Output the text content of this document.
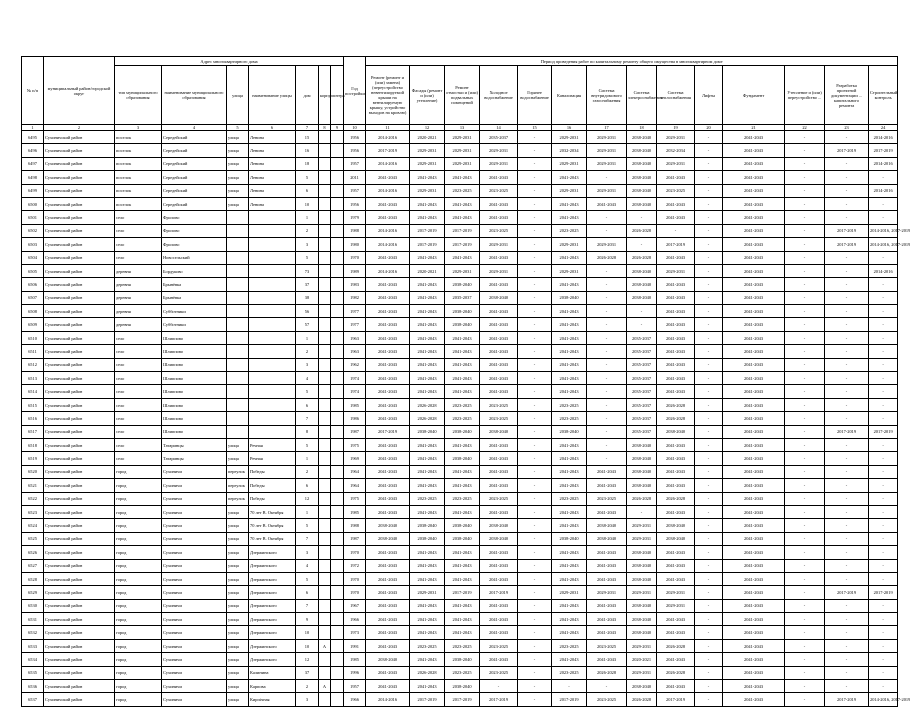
№ п/п	муниципальный район/городской округ	Адрес многоквартирного дома							Год постройки	Период проведения работ по капитальному ремонту общего имущества в многоквартирном доме													
		тип муниципального образования	наименование муниципального образования	улица	наименование улицы	дом	корпус	литера		Ремонт (ремонт и (или) замена) (переустройство невентилируемой крыши на вентилируемую крышу, устройство выходов на кровлю)	Фасады (ремонт и (или) утепление)	Ремонт отмостки и (или) подвальных помещений	Холодное водоснабжение	Горячее водоснабжение	Канализация	Система внутридомового газоснабжения	Система электроснабжения	Система теплоснабжения	Лифты	Фундамент	Утепление и (или) переустройство ...	Разработка проектной документации ... капитального ремонта	Строительный контроль
1	2	3	4	5	6	7	8	9	10	11	12	13	14	15	16	17	18	19	20	21	22	23	24
6495	Сухиничский район	поселок	Середейский	улица	Ленина	15			1956	2014-2016	2020-2021	2029-2031	2035-2037	-	2029-2031	2029-2031	2038-2040	2029-2031	-	2041-2043	-	-	2014-2016
6496	Сухиничский район	поселок	Середейский	улица	Ленина	16			1956	2017-2019	2029-2031	2029-2031	2029-2031	-	2032-2034	2029-2031	2038-2040	2032-2034	-	2041-2043	-	2017-2019	2017-2019
6497	Сухиничский район	поселок	Середейский	улица	Ленина	18			1957	2014-2016	2029-2031	2029-2031	2029-2031	-	2029-2031	2029-2031	2038-2040	2029-2031	-	2041-2043	-	-	2014-2016
6498	Сухиничский район	поселок	Середейский	улица	Ленина	5			2011	2041-2043	2041-2043	2041-2043	2041-2043	-	2041-2043	-	2038-2040	2041-2043	-	2041-2043	-	-	-
6499	Сухиничский район	поселок	Середейский	улица	Ленина	6			1957	2014-2016	2029-2031	2023-2025	2023-2025	-	2029-2031	2029-2031	2038-2040	2023-2025	-	2041-2043	-	-	2014-2016
6500	Сухиничский район	поселок	Середейский	улица	Ленина	10			1956	2041-2043	2041-2043	2041-2043	2041-2043	-	2041-2043	2041-2043	2038-2040	2041-2043	-	2041-2043	-	-	-
6501	Сухиничский район	село	Фролово			1			1979	2041-2043	2041-2043	2041-2043	2041-2043	-	2041-2043	-	-	2041-2043	-	2041-2043	-	-	-
6502	Сухиничский район	село	Фролово			2			1988	2014-2016	2017-2019	2017-2019	2023-2025	-	2023-2025	-	2026-2028	-	-	2041-2043	-	2017-2019	2014-2016, 2017-2019
6503	Сухиничский район	село	Фролово			3			1980	2014-2016	2017-2019	2017-2019	2029-2031	-	2029-2031	2029-2031	-	2017-2019	-	2041-2043	-	2017-2019	2014-2016, 2017-2019
6504	Сухиничский район	село	Новосельский			5			1970	2041-2043	2041-2043	2041-2043	2041-2043	-	2041-2043	2026-2028	2026-2028	2041-2043	-	2041-2043	-	-	-
6505	Сухиничский район	деревня	Бордуково			73			1989	2014-2016	2020-2021	2029-2031	2029-2031	-	2029-2031	-	2038-2040	2029-2031	-	2041-2043	-	-	2014-2016
6506	Сухиничский район	деревня	Брынёвка			37			1983	2041-2043	2041-2043	2038-2040	2041-2043	-	2041-2043	-	2038-2040	2041-2043	-	2041-2043	-	-	-
6507	Сухиничский район	деревня	Брынёвка			38			1982	2041-2043	2041-2043	2035-2037	2038-2040	-	2038-2040	-	2038-2040	2041-2043	-	2041-2043	-	-	-
6508	Сухиничский район	деревня	Субботники			56			1977	2041-2043	2041-2043	2038-2040	2041-2043	-	2041-2043	-	-	2041-2043	-	2041-2043	-	-	-
6509	Сухиничский район	деревня	Субботники			57			1977	2041-2043	2041-2043	2038-2040	2041-2043	-	2041-2043	-	-	2041-2043	-	2041-2043	-	-	-
6510	Сухиничский район	село	Шлиппово			1			1963	2041-2043	2041-2043	2041-2043	2041-2043	-	2041-2043	-	2035-2037	2041-2043	-	2041-2043	-	-	-
6511	Сухиничский район	село	Шлиппово			2			1963	2041-2043	2041-2043	2041-2043	2041-2043	-	2041-2043	-	2035-2037	2041-2043	-	2041-2043	-	-	-
6512	Сухиничский район	село	Шлиппово			3			1962	2041-2043	2041-2043	2041-2043	2041-2043	-	2041-2043	-	2035-2037	2041-2043	-	2041-2043	-	-	-
6513	Сухиничский район	село	Шлиппово			4			1974	2041-2043	2041-2043	2041-2043	2041-2043	-	2041-2043	-	2035-2037	2041-2043	-	2041-2043	-	-	-
6514	Сухиничский район	село	Шлиппово			5			1974	2041-2043	2041-2043	2041-2043	2041-2043	-	2041-2043	-	2035-2037	2041-2043	-	2041-2043	-	-	-
6515	Сухиничский район	село	Шлиппово			6			1985	2041-2043	2026-2028	2023-2025	2023-2025	-	2023-2025	-	2035-2037	2026-2028	-	2041-2043	-	-	-
6516	Сухиничский район	село	Шлиппово			7			1986	2041-2043	2026-2028	2023-2025	2023-2025	-	2023-2025	-	2035-2037	2026-2028	-	2041-2043	-	-	-
6517	Сухиничский район	село	Шлиппово			8			1987	2017-2019	2038-2040	2038-2040	2038-2040	-	2038-2040	-	2035-2037	2038-2040	-	2041-2043	-	2017-2019	2017-2019
6518	Сухиничский район	село	Татаринцы	улица	Речная	5			1975	2041-2043	2041-2043	2041-2043	2041-2043	-	2041-2043	-	2038-2040	2041-2043	-	2041-2043	-	-	-
6519	Сухиничский район	село	Татаринцы	улица	Речная	1			1969	2041-2043	2041-2043	2038-2040	2041-2043	-	2041-2043	-	2038-2040	2041-2043	-	2041-2043	-	-	-
6520	Сухиничский район	город	Сухиничи	переулок	Победы	2			1964	2041-2043	2041-2043	2041-2043	2041-2043	-	2041-2043	2041-2043	2038-2040	2041-2043	-	2041-2043	-	-	-
6521	Сухиничский район	город	Сухиничи	переулок	Победы	6			1964	2041-2043	2041-2043	2041-2043	2041-2043	-	2041-2043	2041-2043	2038-2040	2041-2043	-	2041-2043	-	-	-
6522	Сухиничский район	город	Сухиничи	переулок	Победы	12			1975	2041-2043	2023-2025	2023-2025	2023-2025	-	2023-2025	2023-2025	2026-2028	2026-2028	-	2041-2043	-	-	-
6523	Сухиничский район	город	Сухиничи	улица	70 лет В. Октября	1			1985	2041-2043	2041-2043	2041-2043	2041-2043	-	2041-2043	2041-2043	-	2041-2043	-	2041-2043	-	-	-
6524	Сухиничский район	город	Сухиничи	улица	70 лет В. Октября	5			1988	2038-2040	2038-2040	2038-2040	2038-2040	-	2041-2043	2038-2040	2029-2031	2038-2040	-	2041-2043	-	-	-
6525	Сухиничский район	город	Сухиничи	улица	70 лет В. Октября	7			1987	2038-2040	2038-2040	2038-2040	2038-2040	-	2038-2040	2038-2040	2029-2031	2038-2040	-	2041-2043	-	-	-
6526	Сухиничский район	город	Сухиничи	улица	Дзержинского	3			1970	2041-2043	2041-2043	2041-2043	2041-2043	-	2041-2043	2041-2043	2038-2040	2041-2043	-	2041-2043	-	-	-
6527	Сухиничский район	город	Сухиничи	улица	Дзержинского	4			1972	2041-2043	2041-2043	2041-2043	2041-2043	-	2041-2043	2041-2043	2038-2040	2041-2043	-	2041-2043	-	-	-
6528	Сухиничский район	город	Сухиничи	улица	Дзержинского	5			1970	2041-2043	2041-2043	2041-2043	2041-2043	-	2041-2043	2041-2043	2038-2040	2041-2043	-	2041-2043	-	-	-
6529	Сухиничский район	город	Сухиничи	улица	Дзержинского	6			1970	2041-2043	2029-2031	2017-2019	2017-2019	-	2029-2031	2029-2031	2029-2031	2029-2031	-	2041-2043	-	2017-2019	2017-2019
6530	Сухиничский район	город	Сухиничи	улица	Дзержинского	7			1967	2041-2043	2041-2043	2041-2043	2041-2043	-	2041-2043	2041-2043	2038-2040	2029-2031	-	2041-2043	-	-	-
6531	Сухиничский район	город	Сухиничи	улица	Дзержинского	9			1966	2041-2043	2041-2043	2041-2043	2041-2043	-	2041-2043	2041-2043	2038-2040	2041-2043	-	2041-2043	-	-	-
6532	Сухиничский район	город	Сухиничи	улица	Дзержинского	10			1973	2041-2043	2041-2043	2041-2043	2041-2043	-	2041-2043	2041-2043	2038-2040	2041-2043	-	2041-2043	-	-	-
6533	Сухиничский район	город	Сухиничи	улица	Дзержинского	10	А		1991	2041-2043	2023-2025	2023-2025	2023-2025	-	2023-2025	2023-2025	2029-2031	2026-2028	-	2041-2043	-	-	-
6534	Сухиничский район	город	Сухиничи	улица	Дзержинского	12			1985	2038-2040	2041-2043	2038-2040	2041-2043	-	2041-2043	2041-2043	2020-2021	2041-2043	-	2041-2043	-	-	-
6535	Сухиничский район	город	Сухиничи	улица	Калинина	37			1996	2041-2043	2026-2028	2023-2025	2023-2025	-	2023-2025	2026-2028	2029-2031	2026-2028	-	2041-2043	-	-	-
6536	Сухиничский район	город	Сухиничи	улица	Карпова	2	А		1957	2041-2043	2041-2043	2038-2040	-	-	-	-	2038-2040	2041-2043	-	2041-2043	-	-	-
6537	Сухиничский район	город	Сухиничи	улица	Кирпічная	3			1966	2014-2016	2017-2019	2017-2019	2017-2019	-	2017-2019	2023-2025	2026-2028	2017-2019	-	2041-2043	-	2017-2019	2014-2016, 2017-2019
